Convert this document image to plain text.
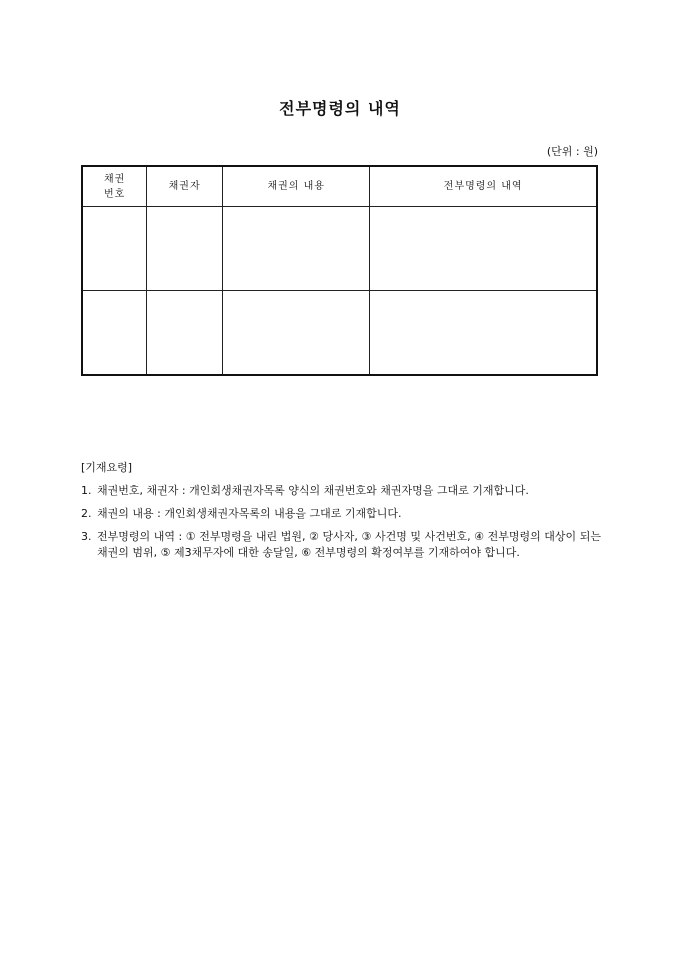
전부명령의 내역
(단위 : 원)
채권
번호	채권자	채권의 내용	전부명령의 내역

[기재요령]
1. 채권번호, 채권자 : 개인회생채권자목록 양식의 채권번호와 채권자명을 그대로 기재합니다.
2. 채권의 내용 : 개인회생채권자목록의 내용을 그대로 기재합니다.
3. 전부명령의 내역 : ① 전부명령을 내린 법원, ② 당사자, ③ 사건명 및 사건번호, ④ 전부명령의 대상이 되는 채권의 범위, ⑤ 제3채무자에 대한 송달일, ⑥ 전부명령의 확정여부를 기재하여야 합니다.
